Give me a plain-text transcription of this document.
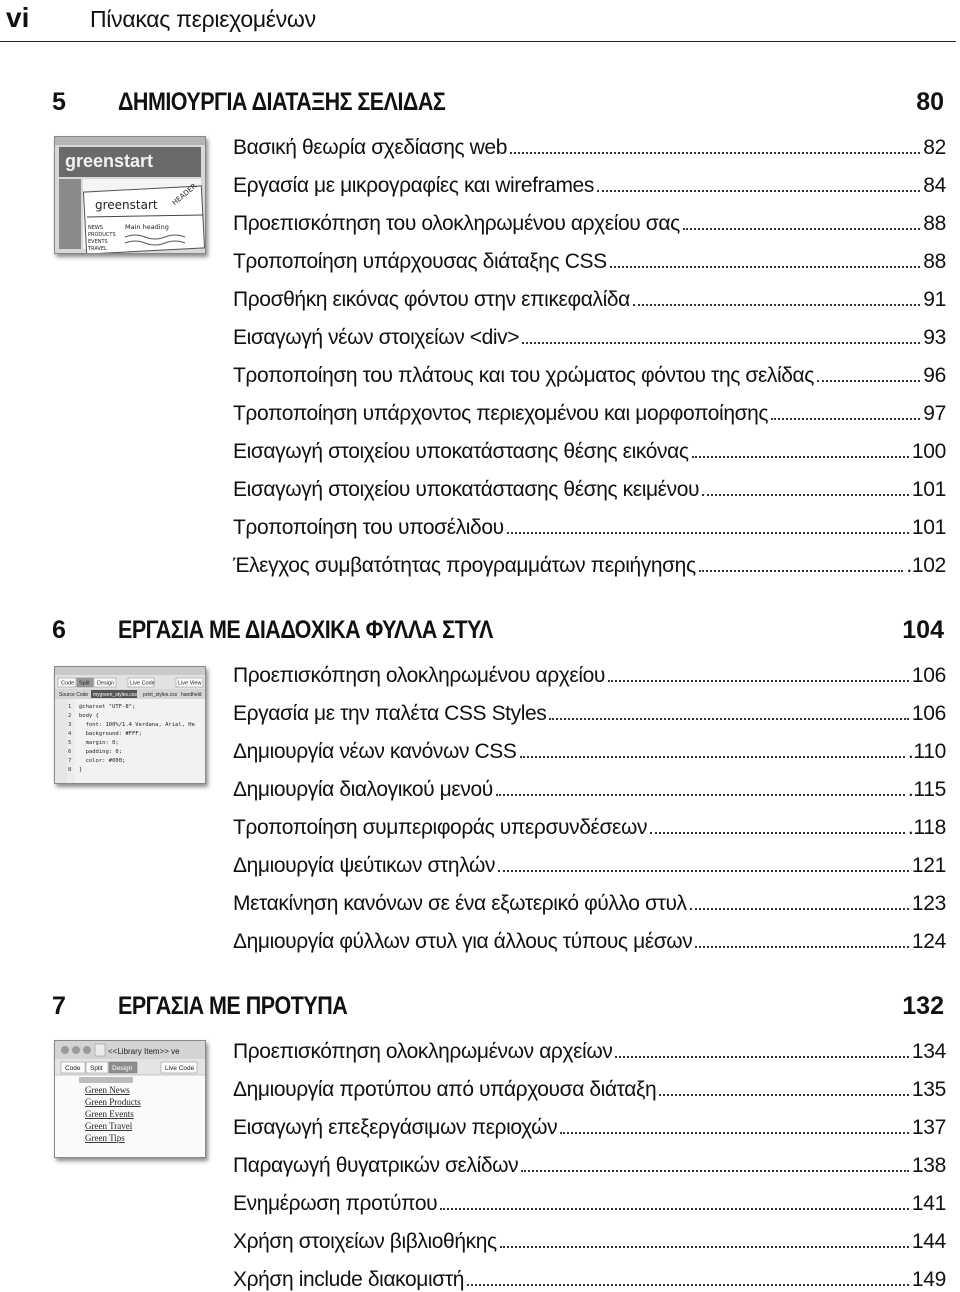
vi	Πίνακας περιεχομένων
5 ΔΗΜΙΟΥΡΓΙΑ ΔΙΑΤΑΞΗΣ ΣΕΛΙΔΑΣ	80
greenstart
greenstart HEADER
Main heading
NEWS
PRODUCTS
EVENTS
TRAVEL
Βασική θεωρία σχεδίασης web	82
Εργασία με μικρογραφίες και wireframes	84
Προεπισκόπηση του ολοκληρωμένου αρχείου σας	88
Τροποποίηση υπάρχουσας διάταξης CSS	88
Προσθήκη εικόνας φόντου στην επικεφαλίδα	91
Εισαγωγή νέων στοιχείων <div>	93
Τροποποίηση του πλάτους και του χρώματος φόντου της σελίδας	96
Τροποποίηση υπάρχοντος περιεχομένου και μορφοποίησης	97
Εισαγωγή στοιχείου υποκατάστασης θέσης εικόνας	100
Εισαγωγή στοιχείου υποκατάστασης θέσης κειμένου	101
Τροποποίηση του υποσέλιδου	101
Έλεγχος συμβατότητας προγραμμάτων περιήγησης	.102
6 ΕΡΓΑΣΙΑ ΜΕ ΔΙΑΔΟΧΙΚΑ ΦΥΛΛΑ ΣΤΥΛ	104
Code Split Design	Live Code	Live View
Source Code mygreen_styles.css print_styles.css handheld
1
2
3
4
5
6
7
8
@charset "UTF-8";
body {
font: 100%/1.4 Verdana, Arial, He
background: #FFF;
margin: 0;
padding: 0;
color: #000;
}
Προεπισκόπηση ολοκληρωμένου αρχείου	106
Εργασία με την παλέτα CSS Styles	106
Δημιουργία νέων κανόνων CSS	.110
Δημιουργία διαλογικού μενού	.115
Τροποποίηση συμπεριφοράς υπερσυνδέσεων	.118
Δημιουργία ψεύτικων στηλών	121
Μετακίνηση κανόνων σε ένα εξωτερικό φύλλο στυλ	123
Δημιουργία φύλλων στυλ για άλλους τύπους μέσων	124
7 ΕΡΓΑΣΙΑ ΜΕ ΠΡΟΤΥΠΑ	132
<<Library Item>> ve
Code Split Design	Live Code
Green News
Green Products
Green Events
Green Travel
Green Tips
Προεπισκόπηση ολοκληρωμένων αρχείων	134
Δημιουργία προτύπου από υπάρχουσα διάταξη	135
Εισαγωγή επεξεργάσιμων περιοχών	137
Παραγωγή θυγατρικών σελίδων	138
Ενημέρωση προτύπου	141
Χρήση στοιχείων βιβλιοθήκης	144
Χρήση include διακομιστή	149
